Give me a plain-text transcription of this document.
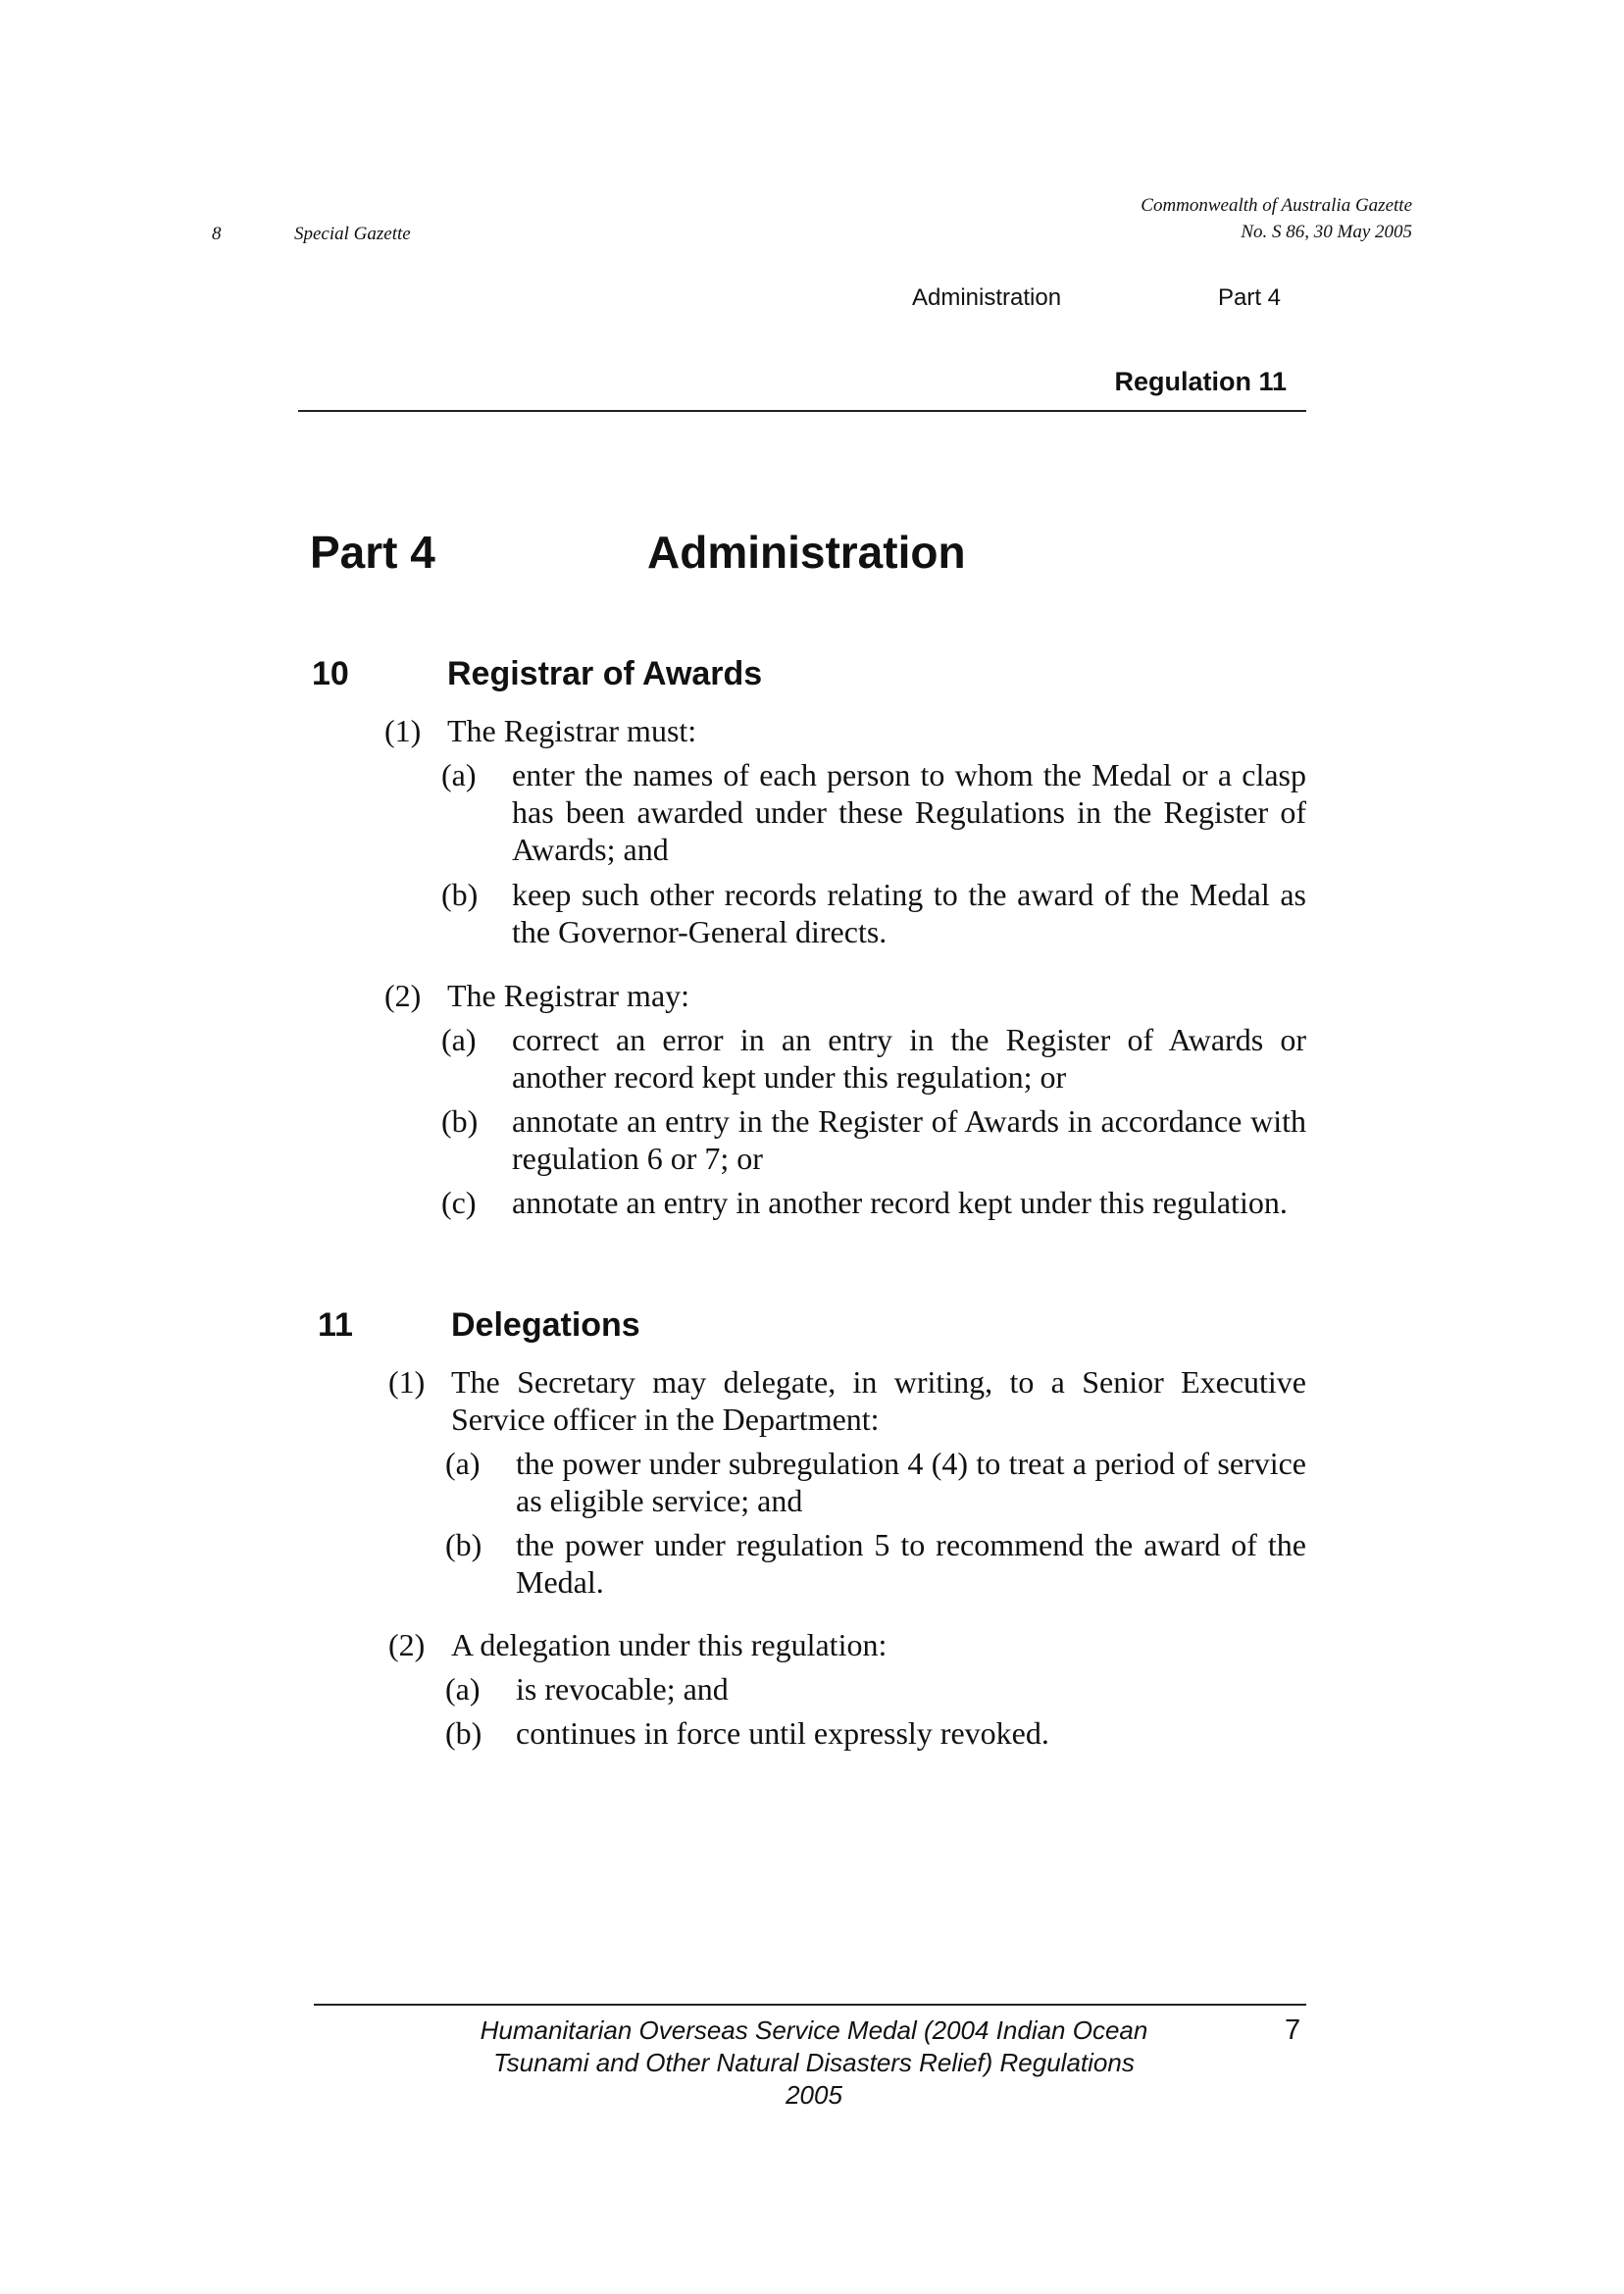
8	Special Gazette
Commonwealth of Australia Gazette
No. S 86, 30 May 2005
Administration	Part 4
Regulation 11
Part 4	Administration
10	Registrar of Awards
(1) The Registrar must:
(a) enter the names of each person to whom the Medal or a clasp has been awarded under these Regulations in the Register of Awards; and
(b) keep such other records relating to the award of the Medal as the Governor-General directs.
(2) The Registrar may:
(a) correct an error in an entry in the Register of Awards or another record kept under this regulation; or
(b) annotate an entry in the Register of Awards in accordance with regulation 6 or 7; or
(c) annotate an entry in another record kept under this regulation.
11	Delegations
(1) The Secretary may delegate, in writing, to a Senior Executive Service officer in the Department:
(a) the power under subregulation 4 (4) to treat a period of service as eligible service; and
(b) the power under regulation 5 to recommend the award of the Medal.
(2) A delegation under this regulation:
(a) is revocable; and
(b) continues in force until expressly revoked.
Humanitarian Overseas Service Medal (2004 Indian Ocean
Tsunami and Other Natural Disasters Relief) Regulations
2005
7
